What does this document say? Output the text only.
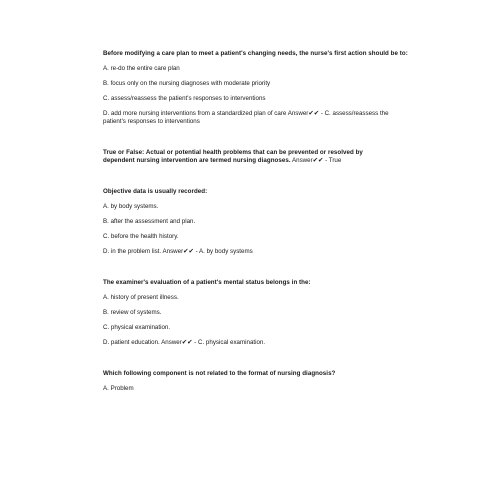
Before modifying a care plan to meet a patient's changing needs, the nurse's first action should be to:
A. re-do the entire care plan
B. focus only on the nursing diagnoses with moderate priority
C. assess/reassess the patient's responses to interventions
D. add more nursing interventions from a standardized plan of care Answer✔✔ - C. assess/reassess the
patient's responses to interventions
True or False: Actual or potential health problems that can be prevented or resolved by
dependent nursing intervention are termed nursing diagnoses. Answer✔✔ - True
Objective data is usually recorded:
A. by body systems.
B. after the assessment and plan.
C. before the health history.
D. in the problem list. Answer✔✔ - A. by body systems
The examiner's evaluation of a patient's mental status belongs in the:
A. history of present illness.
B. review of systems.
C. physical examination.
D. patient education. Answer✔✔ - C. physical examination.
Which following component is not related to the format of nursing diagnosis?
A. Problem
